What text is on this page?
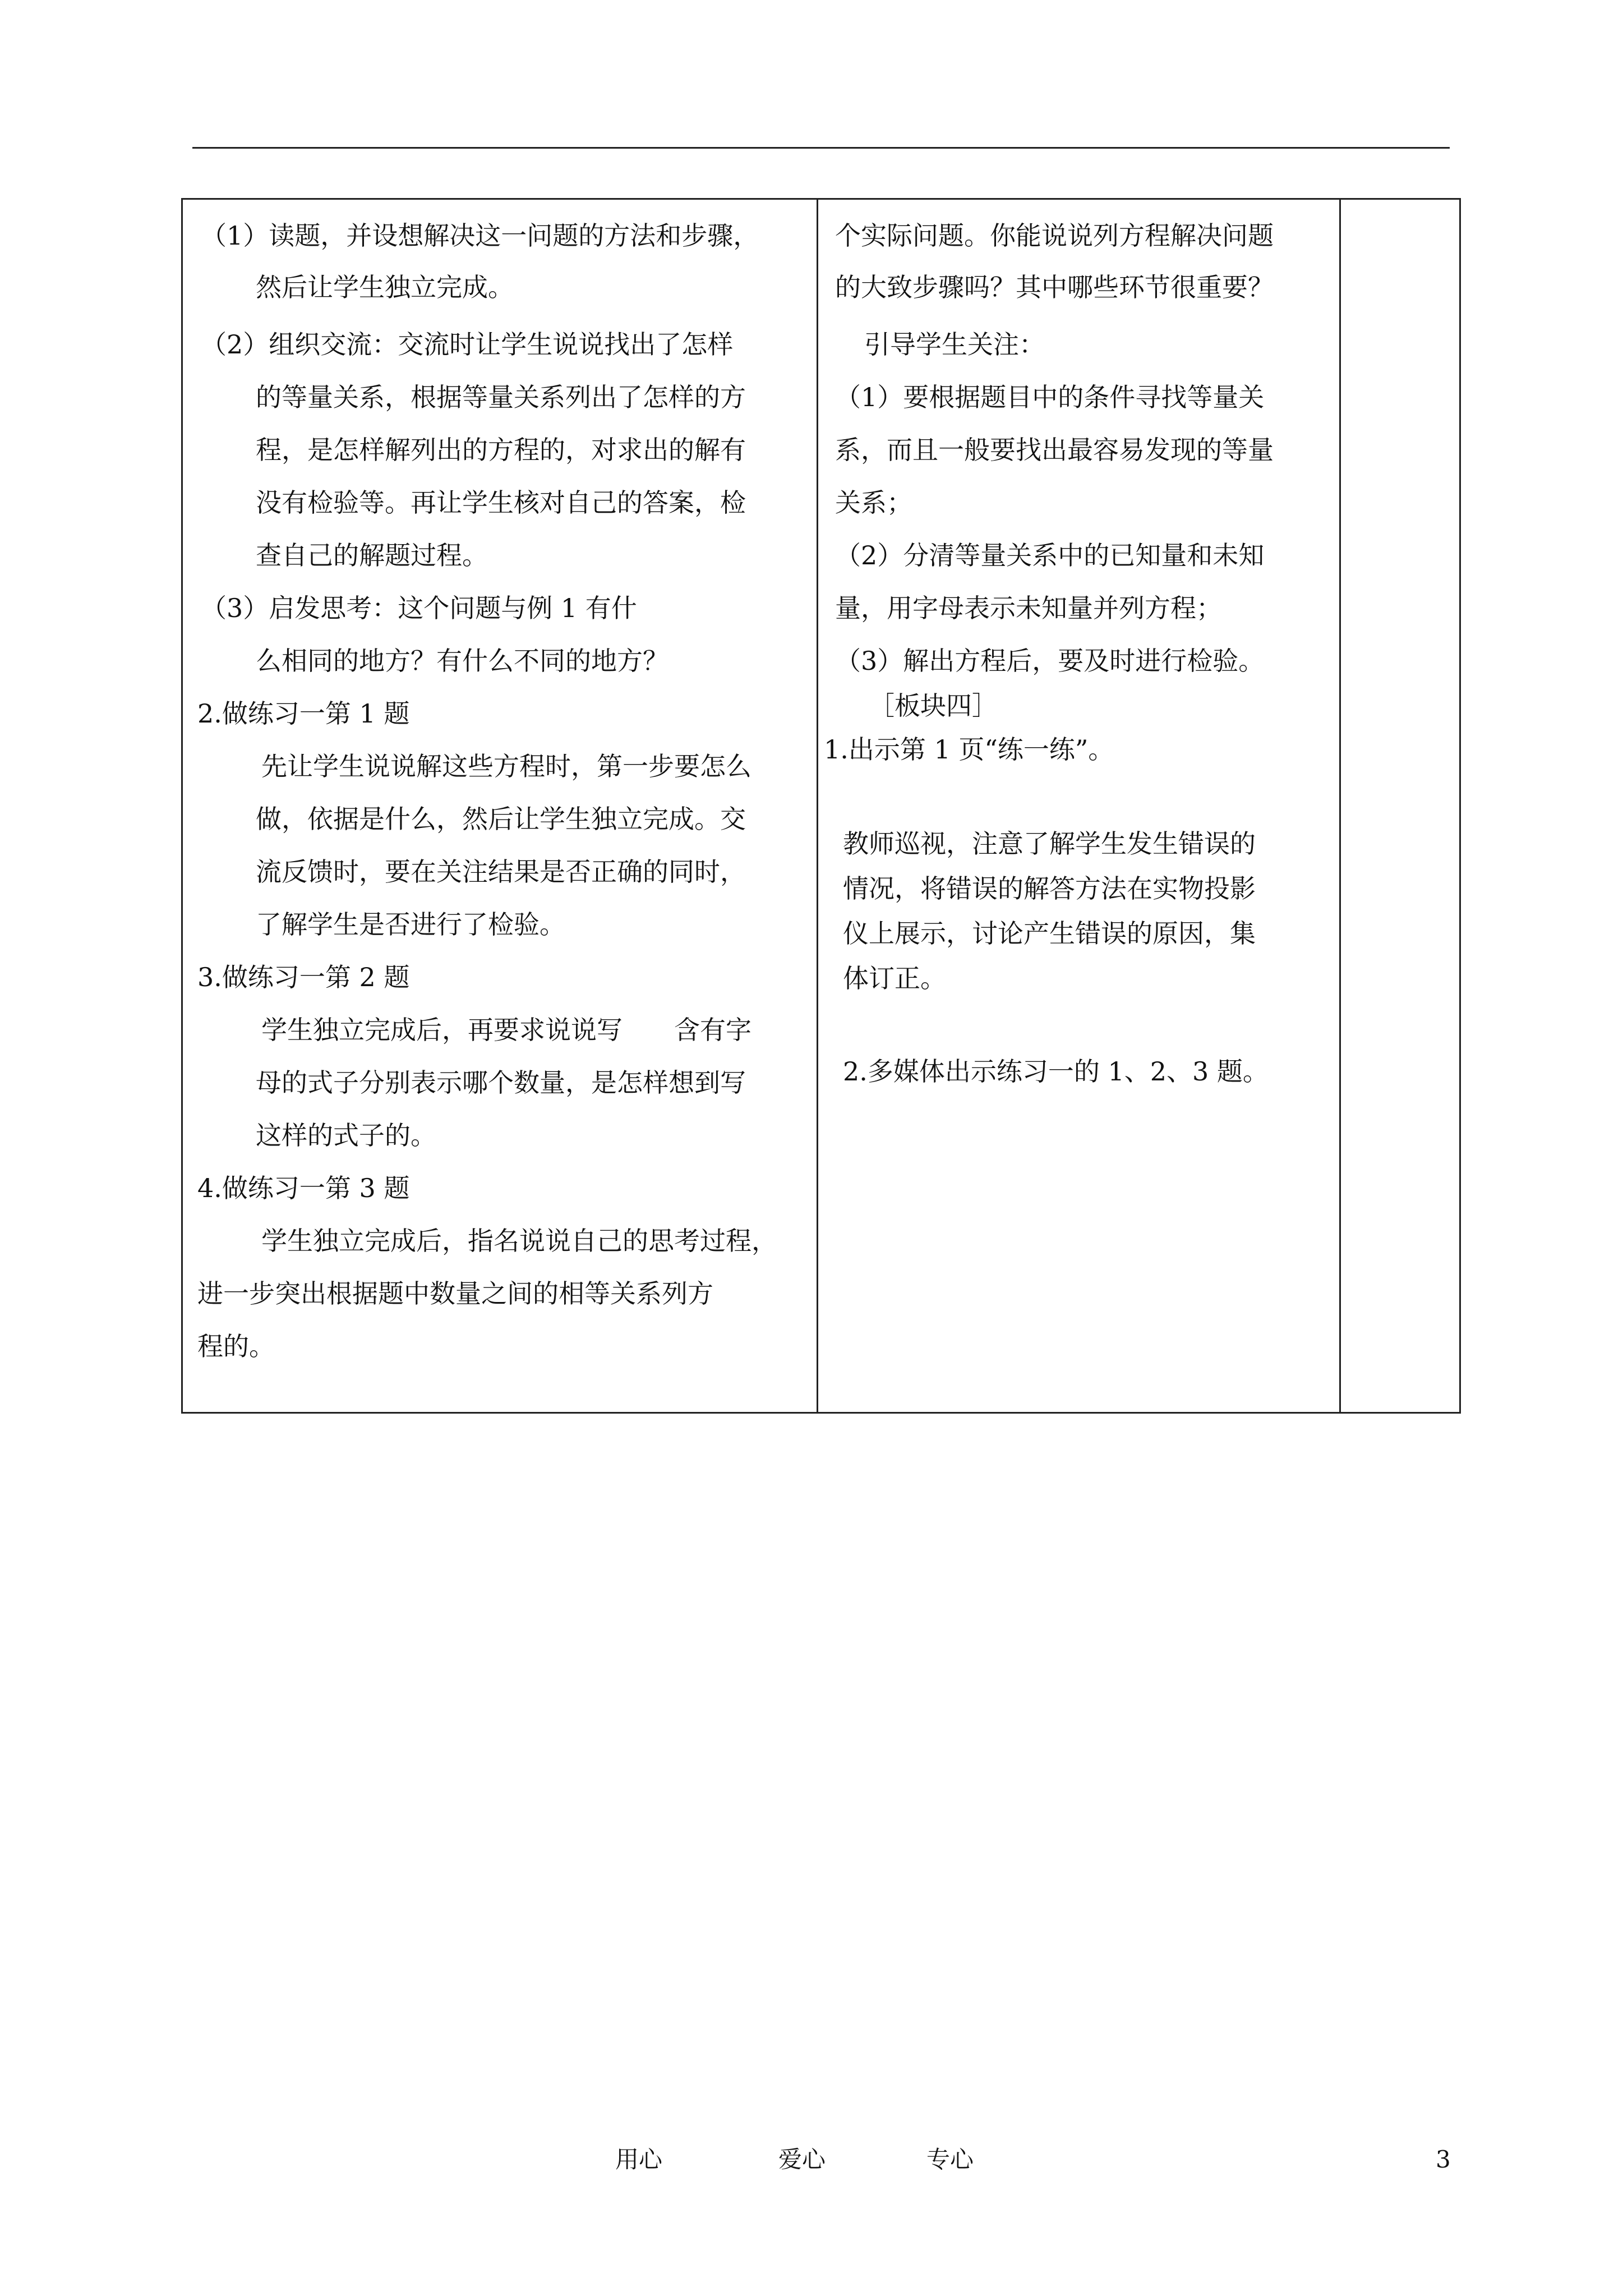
（1）读题，并设想解决这一问题的方法和步骤，
然后让学生独立完成。
（2）组织交流：交流时让学生说说找出了怎样
的等量关系，根据等量关系列出了怎样的方
程，是怎样解列出的方程的，对求出的解有
没有检验等。再让学生核对自己的答案，检
查自己的解题过程。
（3）启发思考：这个问题与例 1 有什
么相同的地方？有什么不同的地方？
2.做练习一第 1 题
先让学生说说解这些方程时，第一步要怎么
做，依据是什么，然后让学生独立完成。交
流反馈时，要在关注结果是否正确的同时，
了解学生是否进行了检验。
3.做练习一第 2 题
学生独立完成后，再要求说说写　　含有字
母的式子分别表示哪个数量，是怎样想到写
这样的式子的。
4.做练习一第 3 题
学生独立完成后，指名说说自己的思考过程，
进一步突出根据题中数量之间的相等关系列方
程的。
个实际问题。你能说说列方程解决问题
的大致步骤吗？其中哪些环节很重要？
引导学生关注：
（1）要根据题目中的条件寻找等量关
系，而且一般要找出最容易发现的等量
关系；
（2）分清等量关系中的已知量和未知
量，用字母表示未知量并列方程；
（3）解出方程后，要及时进行检验。
［板块四］
1.出示第 1 页“练一练”。
教师巡视，注意了解学生发生错误的
情况，将错误的解答方法在实物投影
仪上展示，讨论产生错误的原因，集
体订正。
2.多媒体出示练习一的 1、2、3 题。
用心	爱心	专心	3
